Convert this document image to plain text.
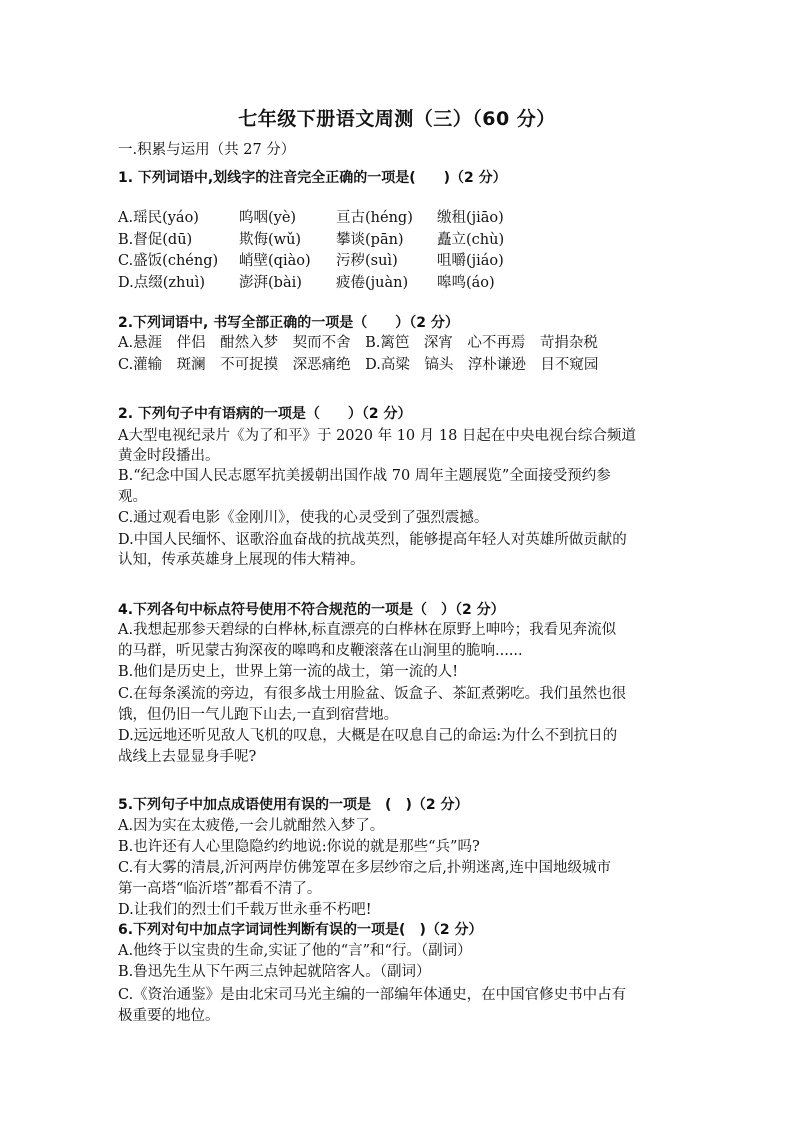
七年级下册语文周测（三）（60 分）
一.积累与运用（共 27 分）
1. 下列词语中,划线字的注音完全正确的一项是(　　)（2 分）
A.瑶民(yáo)	呜咽(yè)	亘古(héng) 缴租(jiāo)
B.督促(dū)	欺侮(wǔ) 攀谈(pān) 矗立(chù)
C.盛饭(chéng) 峭壁(qiào) 污秽(suì)	咀嚼(jiáo)
D.点缀(zhuì) 澎湃(bài) 疲倦(juàn) 嗥鸣(áo)
2.下列词语中, 书写全部正确的一项是（　　）（2 分）
A.悬涯　伴侣　酣然入梦　契而不舍　B.篱笆　深宵　心不再焉　苛捐杂税
C.灌输　斑澜　不可捉摸　深恶痛绝　D.高粱　镐头　淳朴谦逊　目不窥园
2. 下列句子中有语病的一项是（　　）（2 分）
A大型电视纪录片《为了和平》于 2020 年 10 月 18 日起在中央电视台综合频道
黄金时段播出。
B.“纪念中国人民志愿军抗美援朝出国作战 70 周年主题展览”全面接受预约参
观。
C.通过观看电影《金刚川》，使我的心灵受到了强烈震撼。
D.中国人民缅怀、讴歌浴血奋战的抗战英烈，能够提高年轻人对英雄所做贡献的
认知，传承英雄身上展现的伟大精神。
4.下列各句中标点符号使用不符合规范的一项是（　）（2 分）
A.我想起那参天碧绿的白桦林,标直漂亮的白桦林在原野上呻吟；我看见奔流似
的马群，听见蒙古狗深夜的嗥鸣和皮鞭滚落在山涧里的脆响......
B.他们是历史上，世界上第一流的战士，第一流的人!
C.在每条溪流的旁边，有很多战士用脸盆、饭盒子、茶缸煮粥吃。我们虽然也很
饿，但仍旧一气儿跑下山去,一直到宿营地。
D.远远地还听见敌人飞机的叹息，大概是在叹息自己的命运:为什么不到抗日的
战线上去显显身手呢?
5.下列句子中加点成语使用有误的一项是　(　)（2 分）
A.因为实在太疲倦,一会儿就酣然入梦了。
B.也许还有人心里隐隐约约地说:你说的就是那些“兵”吗?
C.有大雾的清晨,沂河两岸仿佛笼罩在多层纱帘之后,扑朔迷离,连中国地级城市
第一高塔“临沂塔”都看不清了。
D.让我们的烈士们千载万世永垂不朽吧!
6.下列对句中加点字词词性判断有误的一项是(　)（2 分）
A.他终于以宝贵的生命,实证了他的“言”和“行。（副词）
B.鲁迅先生从下午两三点钟起就陪客人。（副词）
C.《资治通鉴》是由北宋司马光主编的一部编年体通史，在中国官修史书中占有
极重要的地位。
